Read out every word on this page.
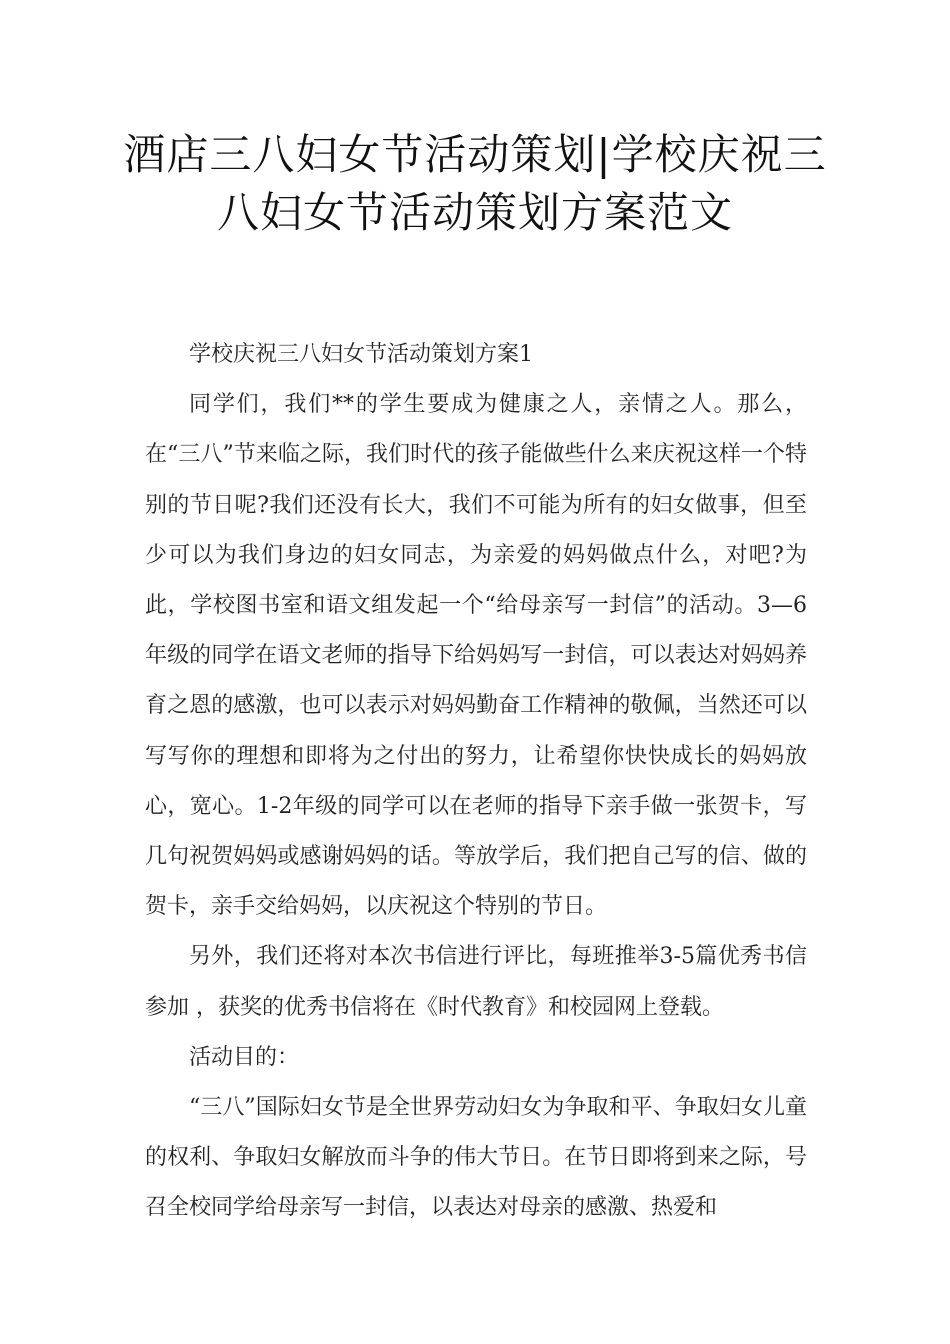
酒店三八妇女节活动策划|学校庆祝三
八妇女节活动策划方案范文

学校庆祝三八妇女节活动策划方案1

同学们，我们**的学生要成为健康之人，亲情之人。那么，在“三八”节来临之际，我们时代的孩子能做些什么来庆祝这样一个特别的节日呢?我们还没有长大，我们不可能为所有的妇女做事，但至少可以为我们身边的妇女同志，为亲爱的妈妈做点什么，对吧?为此，学校图书室和语文组发起一个“给母亲写一封信”的活动。3—6年级的同学在语文老师的指导下给妈妈写一封信，可以表达对妈妈养育之恩的感激，也可以表示对妈妈勤奋工作精神的敬佩，当然还可以写写你的理想和即将为之付出的努力，让希望你快快成长的妈妈放心，宽心。1-2年级的同学可以在老师的指导下亲手做一张贺卡，写几句祝贺妈妈或感谢妈妈的话。等放学后，我们把自己写的信、做的贺卡，亲手交给妈妈，以庆祝这个特别的节日。

另外，我们还将对本次书信进行评比，每班推举3-5篇优秀书信参加 ，获奖的优秀书信将在《时代教育》和校园网上登载。

活动目的：

“三八”国际妇女节是全世界劳动妇女为争取和平、争取妇女儿童的权利、争取妇女解放而斗争的伟大节日。在节日即将到来之际，号召全校同学给母亲写一封信，以表达对母亲的感激、热爱和
